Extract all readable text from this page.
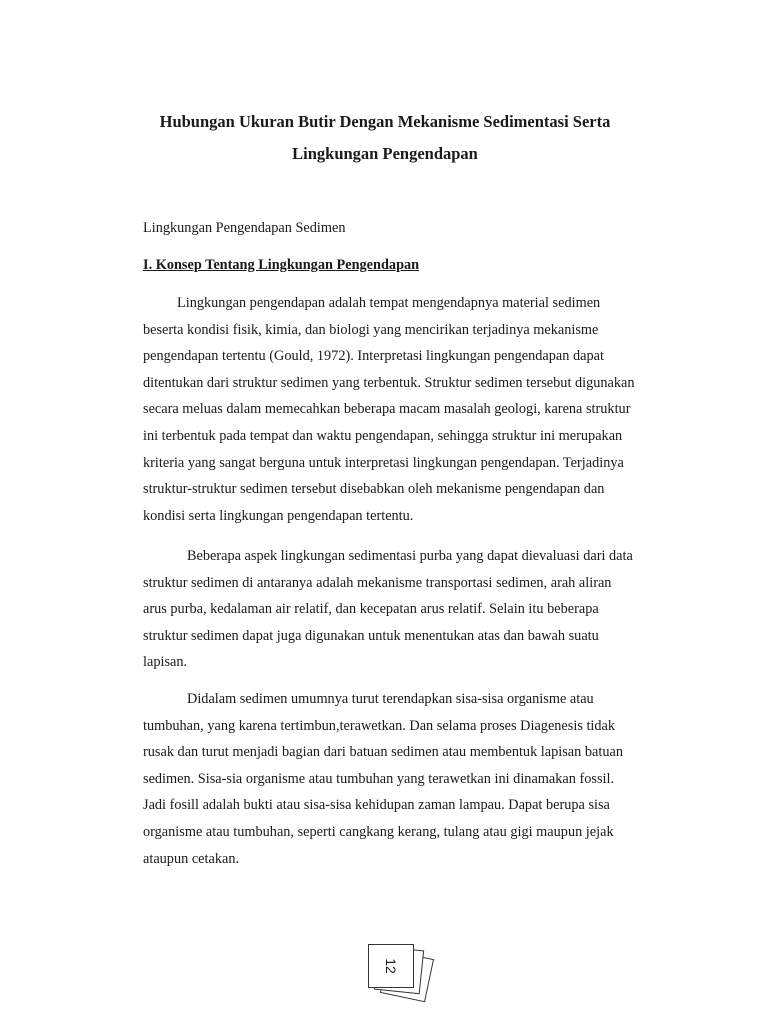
Hubungan Ukuran Butir Dengan Mekanisme Sedimentasi Serta
Lingkungan Pengendapan

Lingkungan Pengendapan Sedimen

I. Konsep Tentang Lingkungan Pengendapan
Lingkungan pengendapan adalah tempat mengendapnya material sedimen
beserta kondisi fisik, kimia, dan biologi yang mencirikan terjadinya mekanisme
pengendapan tertentu (Gould, 1972). Interpretasi lingkungan pengendapan dapat
ditentukan dari struktur sedimen yang terbentuk. Struktur sedimen tersebut digunakan
secara meluas dalam memecahkan beberapa macam masalah geologi, karena struktur
ini terbentuk pada tempat dan waktu pengendapan, sehingga struktur ini merupakan
kriteria yang sangat berguna untuk interpretasi lingkungan pengendapan. Terjadinya
struktur-struktur sedimen tersebut disebabkan oleh mekanisme pengendapan dan
kondisi serta lingkungan pengendapan tertentu.
Beberapa aspek lingkungan sedimentasi purba yang dapat dievaluasi dari data
struktur sedimen di antaranya adalah mekanisme transportasi sedimen, arah aliran
arus purba, kedalaman air relatif, dan kecepatan arus relatif. Selain itu beberapa
struktur sedimen dapat juga digunakan untuk menentukan atas dan bawah suatu
lapisan.
Didalam sedimen umumnya turut terendapkan sisa-sisa organisme atau
tumbuhan, yang karena tertimbun,terawetkan. Dan selama proses Diagenesis tidak
rusak dan turut menjadi bagian dari batuan sedimen atau membentuk lapisan batuan
sedimen. Sisa-sia organisme atau tumbuhan yang terawetkan ini dinamakan fossil.
Jadi fosill adalah bukti atau sisa-sisa kehidupan zaman lampau. Dapat berupa sisa
organisme atau tumbuhan, seperti cangkang kerang, tulang atau gigi maupun jejak
ataupun cetakan.
12
